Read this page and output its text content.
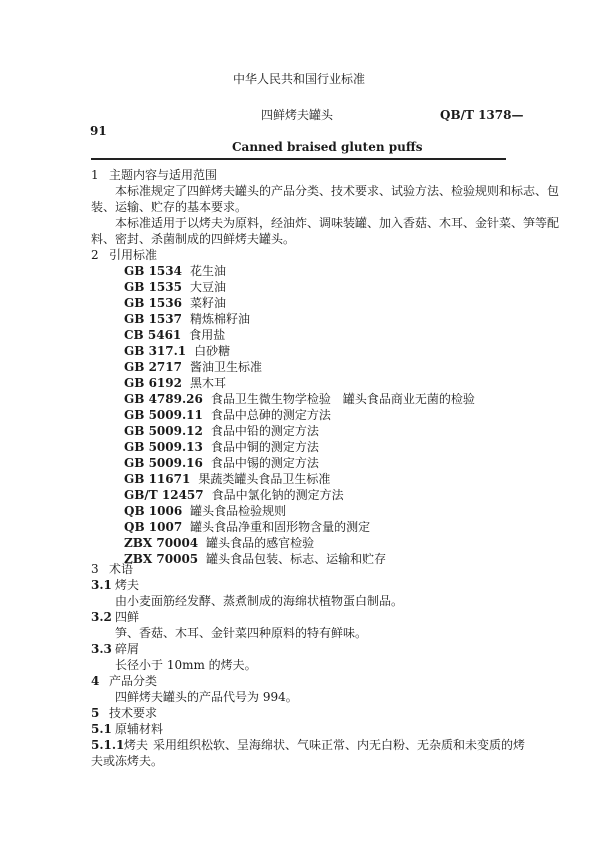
中华人民共和国行业标准
四鲜烤夫罐头	QB/T 1378—
91
Canned braised gluten puffs
1 主题内容与适用范围
本标准规定了四鲜烤夫罐头的产品分类、技术要求、试验方法、检验规则和标志、包
装、运输、贮存的基本要求。
本标准适用于以烤夫为原料，经油炸、调味装罐、加入香菇、木耳、金针菜、笋等配
料、密封、杀菌制成的四鲜烤夫罐头。
2 引用标准
GB 1534 花生油
GB 1535 大豆油
GB 1536 菜籽油
GB 1537 精炼棉籽油
CB 5461 食用盐
GB 317.1 白砂糖
GB 2717 酱油卫生标准
GB 6192 黑木耳
GB 4789.26 食品卫生微生物学检验　罐头食品商业无菌的检验
GB 5009.11 食品中总砷的测定方法
GB 5009.12 食品中铅的测定方法
GB 5009.13 食品中铜的测定方法
GB 5009.16 食品中锡的测定方法
GB 11671 果蔬类罐头食品卫生标准
GB/T 12457 食品中氯化钠的测定方法
QB 1006 罐头食品检验规则
QB 1007 罐头食品净重和固形物含量的测定
ZBX 70004 罐头食品的感官检验
ZBX 70005 罐头食品包装、标志、运输和贮存
3 术语
3.1 烤夫
由小麦面筋经发酵、蒸煮制成的海绵状植物蛋白制品。
3.2 四鲜
笋、香菇、木耳、金针菜四种原料的特有鲜味。
3.3 碎屑
长径小于 10mm 的烤夫。
4 产品分类
四鲜烤夫罐头的产品代号为 994。
5 技术要求
5.1 原辅材料
5.1.1 烤夫 采用组织松软、呈海绵状、气味正常、内无白粉、无杂质和未变质的烤
夫或冻烤夫。
